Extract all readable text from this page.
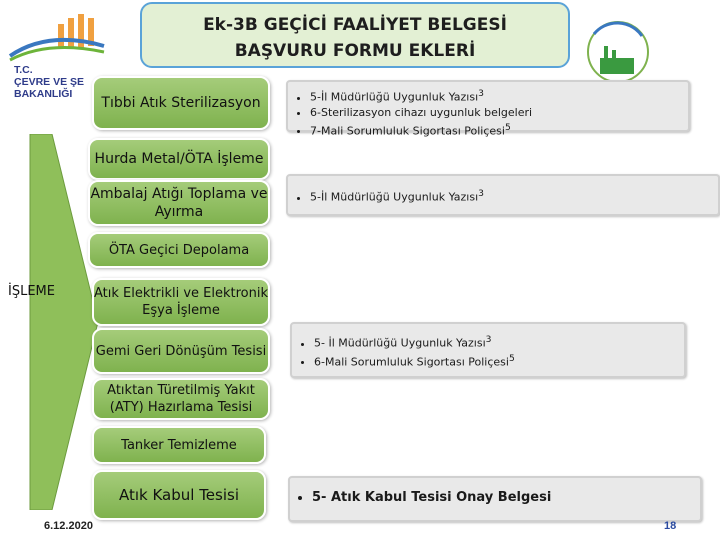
T.C.
ÇEVRE VE ŞE
BAKANLIĞI
Ek-3B GEÇİCİ FAALİYET BELGESİ
BAŞVURU FORMU EKLERİ
İŞLEME
Tıbbi Atık Sterilizasyon
Hurda Metal/ÖTA İşleme
Ambalaj Atığı Toplama ve Ayırma
ÖTA Geçici Depolama
Atık Elektrikli ve Elektronik Eşya İşleme
Gemi Geri Dönüşüm Tesisi
Atıktan Türetilmiş Yakıt (ATY) Hazırlama Tesisi
Tanker Temizleme
Atık Kabul Tesisi
• 5-İl Müdürlüğü Uygunluk Yazısı$^3$
• 6-Sterilizasyon cihazı uygunluk belgeleri
• 7-Mali Sorumluluk Sigortası Poliçesi$^5$
• 5-İl Müdürlüğü Uygunluk Yazısı$^3$
• 5- İl Müdürlüğü Uygunluk Yazısı$^3$
• 6-Mali Sorumluluk Sigortası Poliçesi$^5$
• 5- Atık Kabul Tesisi Onay Belgesi
6.12.2020	18
